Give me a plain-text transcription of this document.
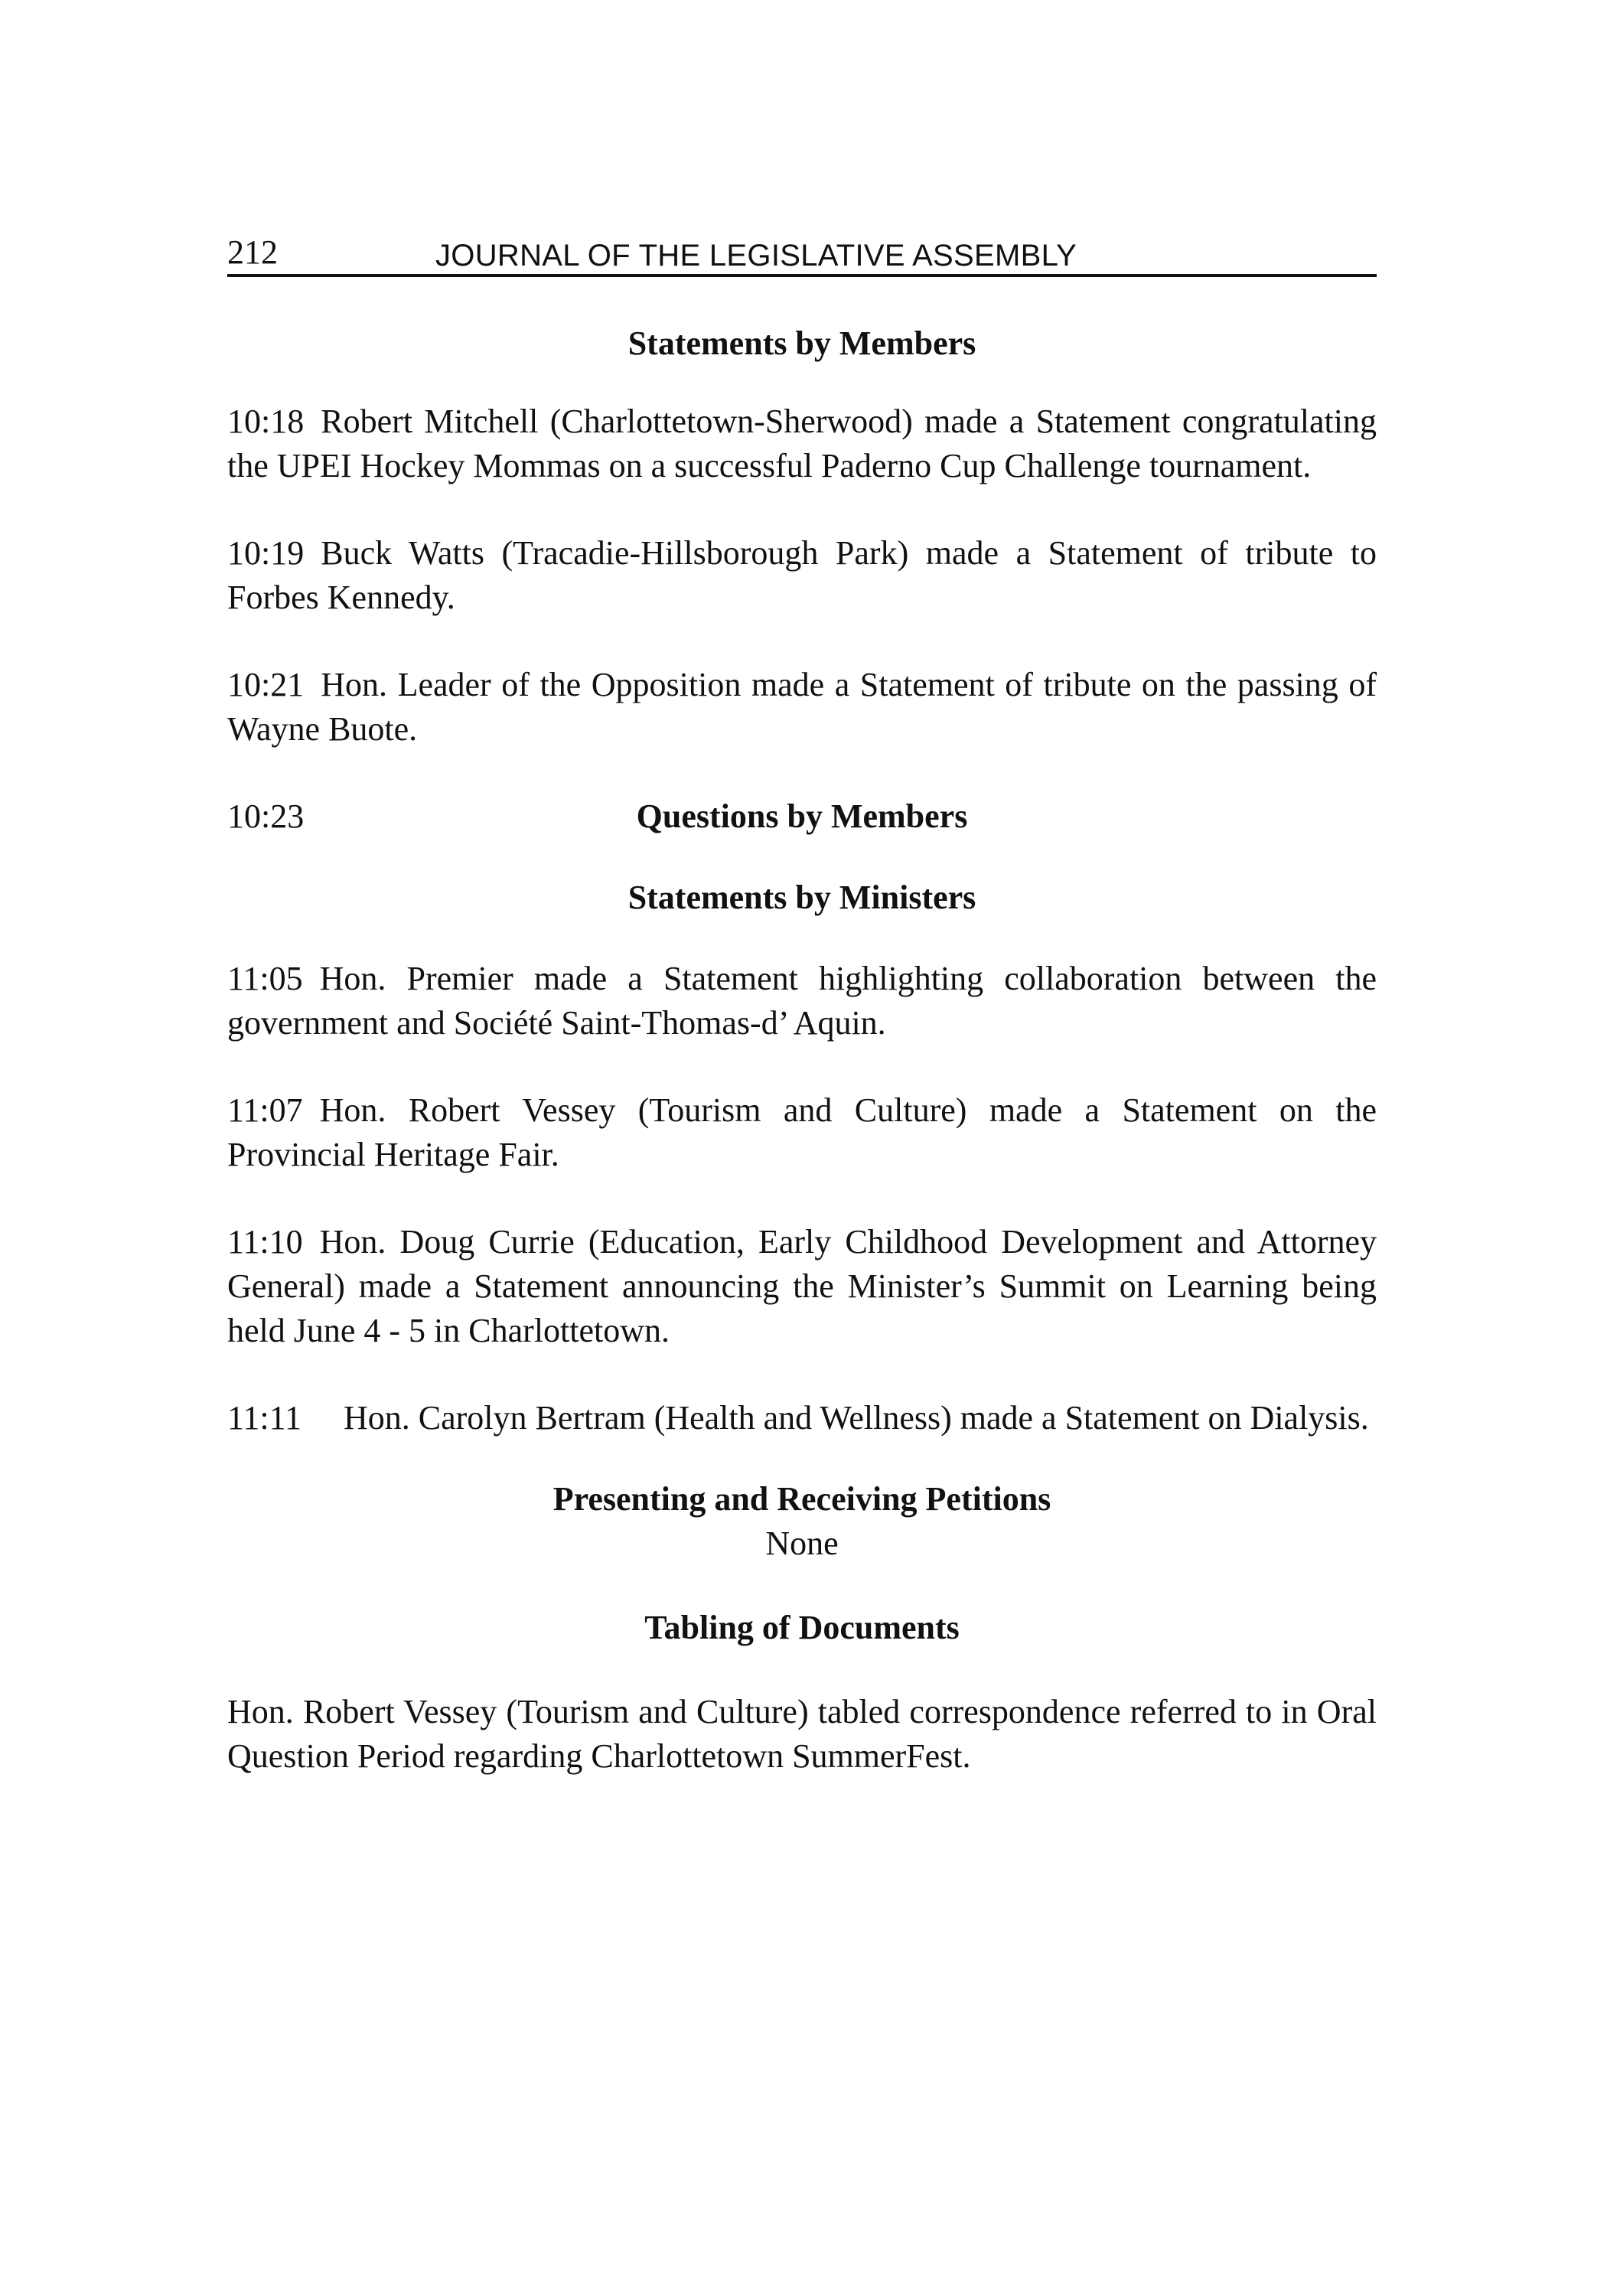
212	JOURNAL OF THE LEGISLATIVE ASSEMBLY

Statements by Members

10:18 Robert Mitchell (Charlottetown-Sherwood) made a Statement congratulating the UPEI Hockey Mommas on a successful Paderno Cup Challenge tournament.

10:19 Buck Watts (Tracadie-Hillsborough Park) made a Statement of tribute to Forbes Kennedy.

10:21 Hon. Leader of the Opposition made a Statement of tribute on the passing of Wayne Buote.

10:23	Questions by Members

Statements by Ministers

11:05 Hon. Premier made a Statement highlighting collaboration between the government and Société Saint-Thomas-d’ Aquin.

11:07 Hon. Robert Vessey (Tourism and Culture) made a Statement on the Provincial Heritage Fair.

11:10 Hon. Doug Currie (Education, Early Childhood Development and Attorney General) made a Statement announcing the Minister’s Summit on Learning being held June 4 - 5 in Charlottetown.

11:11 Hon. Carolyn Bertram (Health and Wellness) made a Statement on Dialysis.

Presenting and Receiving Petitions

None

Tabling of Documents

Hon. Robert Vessey (Tourism and Culture) tabled correspondence referred to in Oral Question Period regarding Charlottetown SummerFest.
